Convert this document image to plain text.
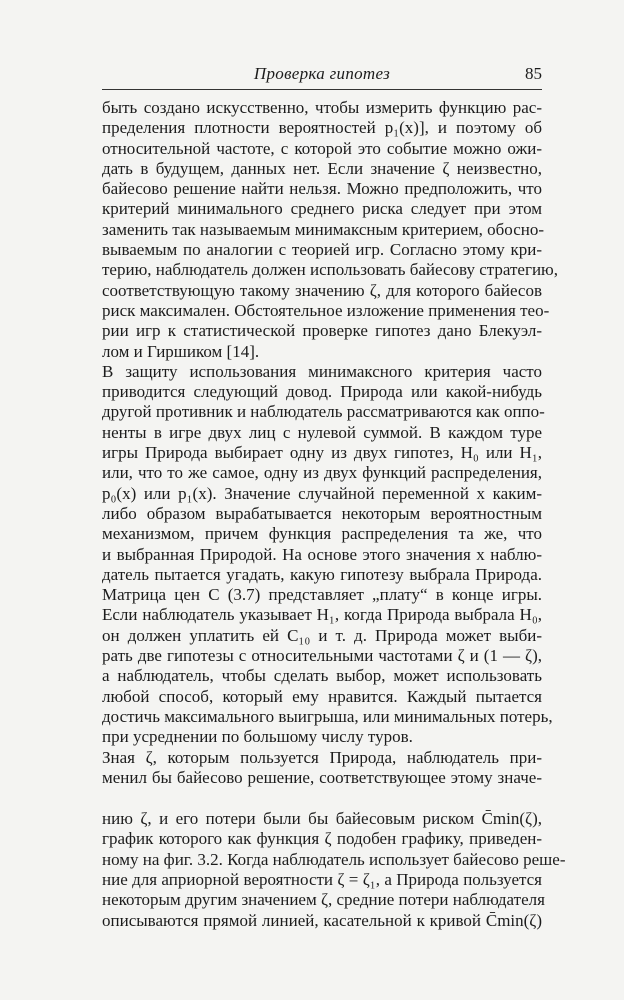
Проверка гипотез	85
быть создано искусственно, чтобы измерить функцию рас-
пределения плотности вероятностей p₁(x)], и поэтому об
относительной частоте, с которой это событие можно ожи-
дать в будущем, данных нет. Если значение ζ неизвестно,
байесово решение найти нельзя. Можно предположить, что
критерий минимального среднего риска следует при этом
заменить так называемым минимаксным критерием, обосно-
вываемым по аналогии с теорией игр. Согласно этому кри-
терию, наблюдатель должен использовать байесову стратегию,
соответствующую такому значению ζ, для которого байесов
риск максимален. Обстоятельное изложение применения тео-
рии игр к статистической проверке гипотез дано Блекуэл-
лом и Гиршиком [14].
В защиту использования минимаксного критерия часто
приводится следующий довод. Природа или какой-нибудь
другой противник и наблюдатель рассматриваются как оппо-
ненты в игре двух лиц с нулевой суммой. В каждом туре
игры Природа выбирает одну из двух гипотез, H₀ или H₁,
или, что то же самое, одну из двух функций распределения,
p₀(x) или p₁(x). Значение случайной переменной x каким-
либо образом вырабатывается некоторым вероятностным
механизмом, причем функция распределения та же, что
и выбранная Природой. На основе этого значения x наблю-
датель пытается угадать, какую гипотезу выбрала Природа.
Матрица цен C (3.7) представляет „плату“ в конце игры.
Если наблюдатель указывает H₁, когда Природа выбрала H₀,
он должен уплатить ей C₁₀ и т. д. Природа может выби-
рать две гипотезы с относительными частотами ζ и (1 — ζ),
а наблюдатель, чтобы сделать выбор, может использовать
любой способ, который ему нравится. Каждый пытается
достичь максимального выигрыша, или минимальных потерь,
при усреднении по большому числу туров.
Зная ζ, которым пользуется Природа, наблюдатель при-
менил бы байесово решение, соответствующее этому значе-
нию ζ, и его потери были бы байесовым риском C̄min(ζ),
график которого как функция ζ подобен графику, приведен-
ному на фиг. 3.2. Когда наблюдатель использует байесово реше-
ние для априорной вероятности ζ = ζ₁, а Природа пользуется
некоторым другим значением ζ, средние потери наблюдателя
описываются прямой линией, касательной к кривой C̄min(ζ)
